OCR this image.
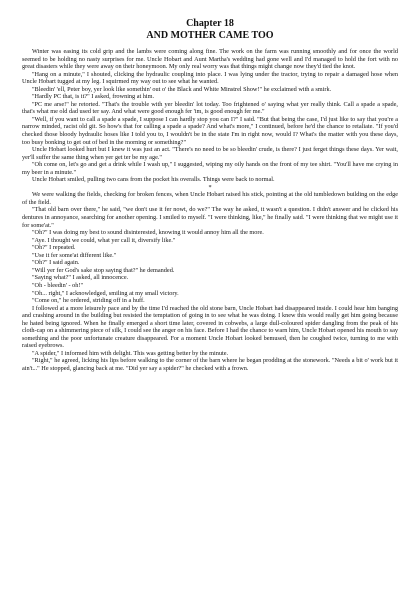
Chapter 18
AND MOTHER CAME TOO

Winter was easing its cold grip and the lambs were coming along fine. The work on the farm was running smoothly and for once the world seemed to be holding no nasty surprises for me. Uncle Hobart and Aunt Martha's wedding had gone well and I'd managed to hold the fort with no great disasters while they were away on their honeymoon. My only real worry was that things might change now they'd tied the knot.

"Hang on a minute," I shouted, clicking the hydraulic coupling into place. I was lying under the tractor, trying to repair a damaged hose when Uncle Hobart tugged at my leg. I squirmed my way out to see what he wanted.

"Bleedin' 'ell, Peter boy, yer look like somethin' out o' the Black and White Minstrel Show!" he exclaimed with a smirk.

"Hardly PC that, is it?" I asked, frowning at him.

"PC me arse!" he retorted. "That's the trouble with yer bleedin' lot today. Too frightened o' saying what yer really think. Call a spade a spade, that's what me old dad used ter say. And what were good enough fer 'im, is good enough fer me."

"Well, if you want to call a spade a spade, I suppose I can hardly stop you can I?" I said. "But that being the case, I'd just like to say that you're a narrow minded, racist old git. So how's that for calling a spade a spade? And what's more," I continued, before he'd the chance to retaliate. "If you'd checked those bloody hydraulic hoses like I told you to, I wouldn't be in the state I'm in right now, would I? What's the matter with you these days, too busy bonking to get out of bed in the morning or something?"

Uncle Hobart looked hurt but I knew it was just an act. "There's no need to be so bleedin' crude, is there? I just ferget things these days. Yer wait, yer'll suffer the same thing when yer get ter be my age."

"Oh come on, let's go and get a drink while I wash up," I suggested, wiping my oily hands on the front of my tee shirt. "You'll have me crying in my beer in a minute."

Uncle Hobart smiled, pulling two cans from the pocket his overalls. Things were back to normal.

*

We were walking the fields, checking for broken fences, when Uncle Hobart raised his stick, pointing at the old tumbledown building on the edge of the field.

"That old barn over there," he said, "we don't use it fer nowt, do we?" The way he asked, it wasn't a question. I didn't answer and he clicked his dentures in annoyance, searching for another opening. I smiled to myself. "I were thinking, like," he finally said. "I were thinking that we might use it for some'at."

"Oh?" I was doing my best to sound disinterested, knowing it would annoy him all the more.

"Aye. I thought we could, what yer call it, diversify like."

"Oh?" I repeated.

"Use it fer some'at different like."

"Oh?" I said again.

"Will yer fer God's sake stop saying that?" he demanded.

"Saying what?" I asked, all innocence.

"Oh - bleedin' - oh!"

"Oh... right," I acknowledged, smiling at my small victory.

"Come on," he ordered, striding off in a huff.

I followed at a more leisurely pace and by the time I'd reached the old stone barn, Uncle Hobart had disappeared inside. I could hear him banging and crashing around in the building but resisted the temptation of going in to see what he was doing. I knew this would really get him going because he hated being ignored. When he finally emerged a short time later, covered in cobwebs, a large dull-coloured spider dangling from the peak of his cloth-cap on a shimmering piece of silk, I could see the anger on his face. Before I had the chance to warn him, Uncle Hobart opened his mouth to say something and the poor unfortunate creature disappeared. For a moment Uncle Hobart looked bemused, then he coughed twice, turning to me with raised eyebrows.

"A spider," I informed him with delight. This was getting better by the minute.

"Right," he agreed, licking his lips before walking to the corner of the barn where he began prodding at the stonework. "Needs a bit o' work but it ain't..." He stopped, glancing back at me. "Did yer say a spider?" he checked with a frown.
